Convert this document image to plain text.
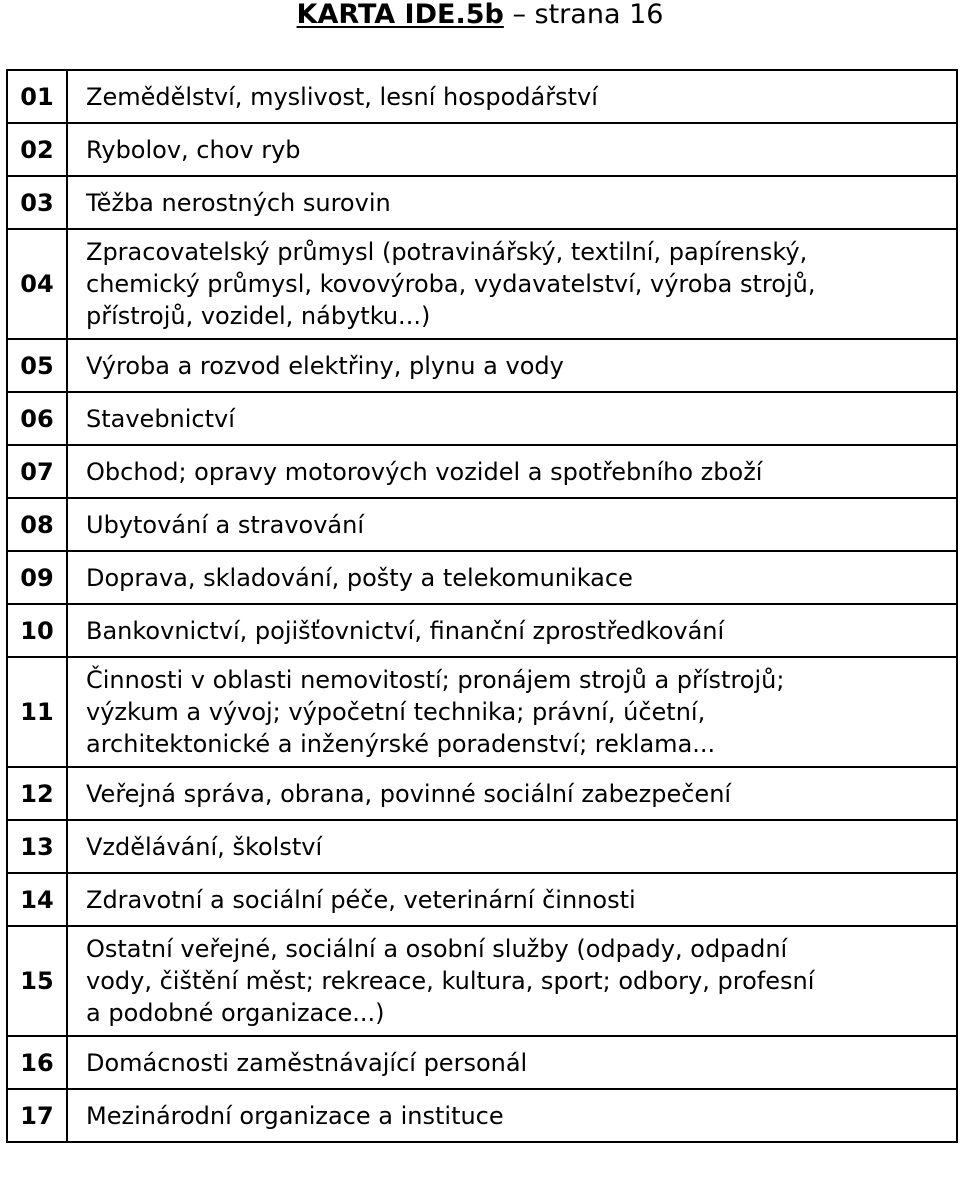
KARTA IDE.5b – strana 16
01	Zemědělství, myslivost, lesní hospodářství

02	Rybolov, chov ryb

03	Těžba nerostných surovin

04	Zpracovatelský průmysl (potravinářský, textilní, papírenský,
chemický průmysl, kovovýroba, vydavatelství, výroba strojů,
přístrojů, vozidel, nábytku...)

05	Výroba a rozvod elektřiny, plynu a vody

06	Stavebnictví

07	Obchod; opravy motorových vozidel a spotřebního zboží

08	Ubytování a stravování

09	Doprava, skladování, pošty a telekomunikace

10	Bankovnictví, pojišťovnictví, finanční zprostředkování

11	Činnosti v oblasti nemovitostí; pronájem strojů a přístrojů;
výzkum a vývoj; výpočetní technika; právní, účetní,
architektonické a inženýrské poradenství; reklama...

12	Veřejná správa, obrana, povinné sociální zabezpečení

13	Vzdělávání, školství

14	Zdravotní a sociální péče, veterinární činnosti

15	Ostatní veřejné, sociální a osobní služby (odpady, odpadní
vody, čištění měst; rekreace, kultura, sport; odbory, profesní
a podobné organizace...)

16	Domácnosti zaměstnávající personál

17	Mezinárodní organizace a instituce
